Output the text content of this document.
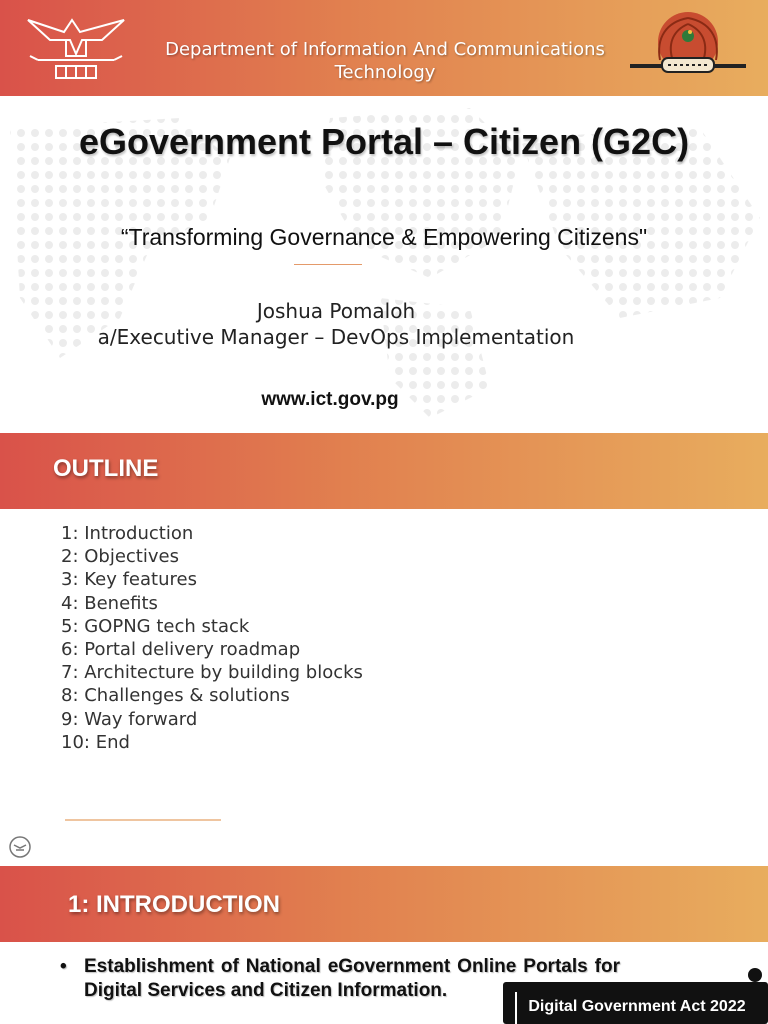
Department of Information And Communications Technology
eGovernment Portal – Citizen (G2C)
“Transforming Governance & Empowering Citizens"
Joshua Pomaloh
a/Executive Manager – DevOps Implementation
www.ict.gov.pg
OUTLINE
1: Introduction
2: Objectives
3: Key features
4: Benefits
5: GOPNG tech stack
6: Portal delivery roadmap
7: Architecture by building blocks
8: Challenges & solutions
9: Way forward
10: End
1: INTRODUCTION
• Establishment of National eGovernment Online Portals for Digital Services and Citizen Information.
Digital Government Act 2022
